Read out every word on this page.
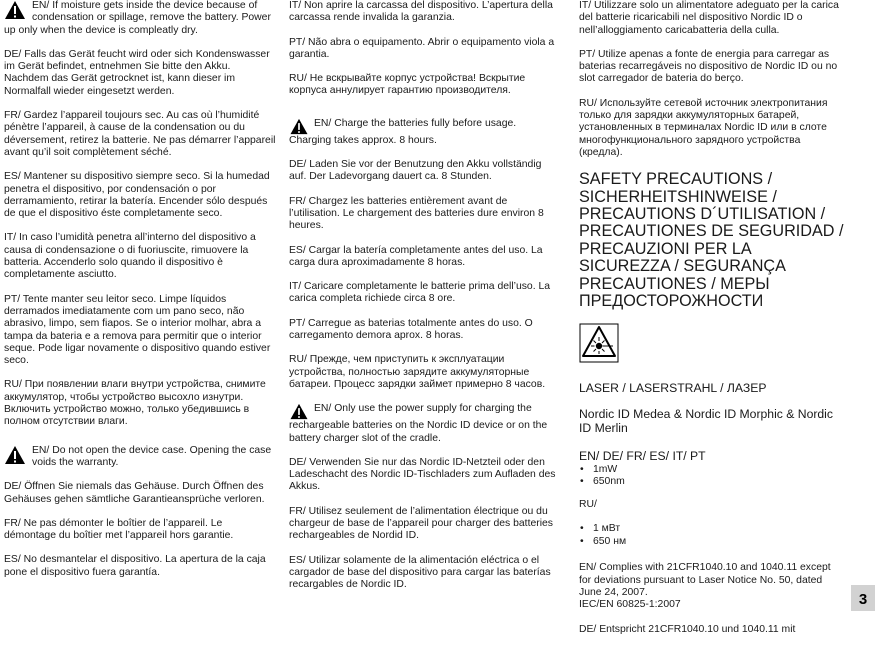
EN/ If moisture gets inside the device because of condensation or spillage, remove the battery. Power up only when the device is compleatly dry.

DE/ Falls das Gerät feucht wird oder sich Kondenswasser im Gerät befindet, entnehmen Sie bitte den Akku. Nachdem das Gerät getrocknet ist, kann dieser im Normalfall wieder eingesetzt werden.

FR/ Gardez l’appareil toujours sec. Au cas où l’humidité pénètre l’appareil, à cause de la condensation ou du déversement, retirez la batterie. Ne pas démarrer l’appareil avant qu’il soit complètement séché.

ES/ Mantener su dispositivo siempre seco. Si la humedad penetra el dispositivo, por condensación o por derramamiento, retirar la batería. Encender sólo después de que el dispositivo éste completamente seco.

IT/ In caso l’umidità penetra all’interno del dispositivo a causa di condensazione o di fuoriuscite, rimuovere la batteria. Accenderlo solo quando il dispositivo è completamente asciutto.

PT/ Tente manter seu leitor seco. Limpe líquidos derramados imediatamente com um pano seco, não abrasivo, limpo, sem fiapos. Se o interior molhar, abra a tampa da bateria e a remova para permitir que o interior seque. Pode ligar novamente o dispositivo quando estiver seco.

RU/ При появлении влаги внутри устройства, снимите аккумулятор, чтобы устройство высохло изнутри. Включить устройство можно, только убедившись в полном отсутствии влаги.

EN/ Do not open the device case. Opening the case voids the warranty.

DE/ Öffnen Sie niemals das Gehäuse. Durch Öffnen des Gehäuses gehen sämtliche Garantieansprüche verloren.

FR/ Ne pas démonter le boîtier de l’appareil. Le démontage du boîtier met l’appareil hors garantie.

ES/ No desmantelar el dispositivo. La apertura de la caja pone el dispositivo fuera garantía.

IT/ Non aprire la carcassa del dispositivo. L’apertura della carcassa rende invalida la garanzia.

PT/ Não abra o equipamento. Abrir o equipamento viola a garantia.

RU/ Не вскрывайте корпус устройства! Вскрытие корпуса аннулирует гарантию производителя.

EN/ Charge the batteries fully before usage. Charging takes approx. 8 hours.

DE/ Laden Sie vor der Benutzung den Akku vollständig auf. Der Ladevorgang dauert ca. 8 Stunden.

FR/ Chargez les batteries entièrement avant de l’utilisation. Le chargement des batteries dure environ 8 heures.

ES/ Cargar la batería completamente antes del uso. La carga dura aproximadamente 8 horas.

IT/ Caricare completamente le batterie prima dell’uso. La carica completa richiede circa 8 ore.

PT/ Carregue as baterias totalmente antes do uso. O carregamento demora aprox. 8 horas.

RU/ Прежде, чем приступить к эксплуатации устройства, полностью зарядите аккумуляторные батареи. Процесс зарядки займет примерно 8 часов.

EN/ Only use the power supply for charging the rechargeable batteries on the Nordic ID device or on the battery charger slot of the cradle.

DE/ Verwenden Sie nur das Nordic ID-Netzteil oder den Ladeschacht des Nordic ID-Tischladers zum Aufladen des Akkus.

FR/ Utilisez seulement de l’alimentation électrique ou du chargeur de base de l’appareil pour charger des batteries rechargeables de Nordid ID.

ES/ Utilizar solamente de la alimentación eléctrica o el cargador de base del dispositivo para cargar las baterías recargables de Nordic ID.

IT/ Utilizzare solo un alimentatore adeguato per la carica del batterie ricaricabili nel dispositivo Nordic ID o nell’alloggiamento caricabatteria della culla.

PT/ Utilize apenas a fonte de energia para carregar as baterias recarregáveis no dispositivo de Nordic ID ou no slot carregador de bateria do berço.

RU/ Используйте сетевой источник электропитания только для зарядки аккумуляторных батарей, установленных в терминалах Nordic ID или в слоте многофункционального зарядного устройства (кредла).

SAFETY PRECAUTIONS / SICHERHEITSHINWEISE / PRECAUTIONS D´UTILISATION / PRECAUTIONES DE SEGURIDAD / PRECAUZIONI PER LA SICUREZZA / SEGURANÇA PRECAUTIONES / МЕРЫ ПРЕДОСТОРОЖНОСТИ

LASER / LASERSTRAHL / ЛАЗЕР

Nordic ID Medea & Nordic ID Morphic & Nordic ID Merlin

EN/ DE/ FR/ ES/ IT/ PT

• 1mW
• 650nm

RU/

• 1 мВт
• 650 нм

EN/ Complies with 21CFR1040.10 and 1040.11 except for deviations pursuant to Laser Notice No. 50, dated June 24, 2007.
IEC/EN 60825-1:2007

DE/ Entspricht 21CFR1040.10 und 1040.11 mit

3
